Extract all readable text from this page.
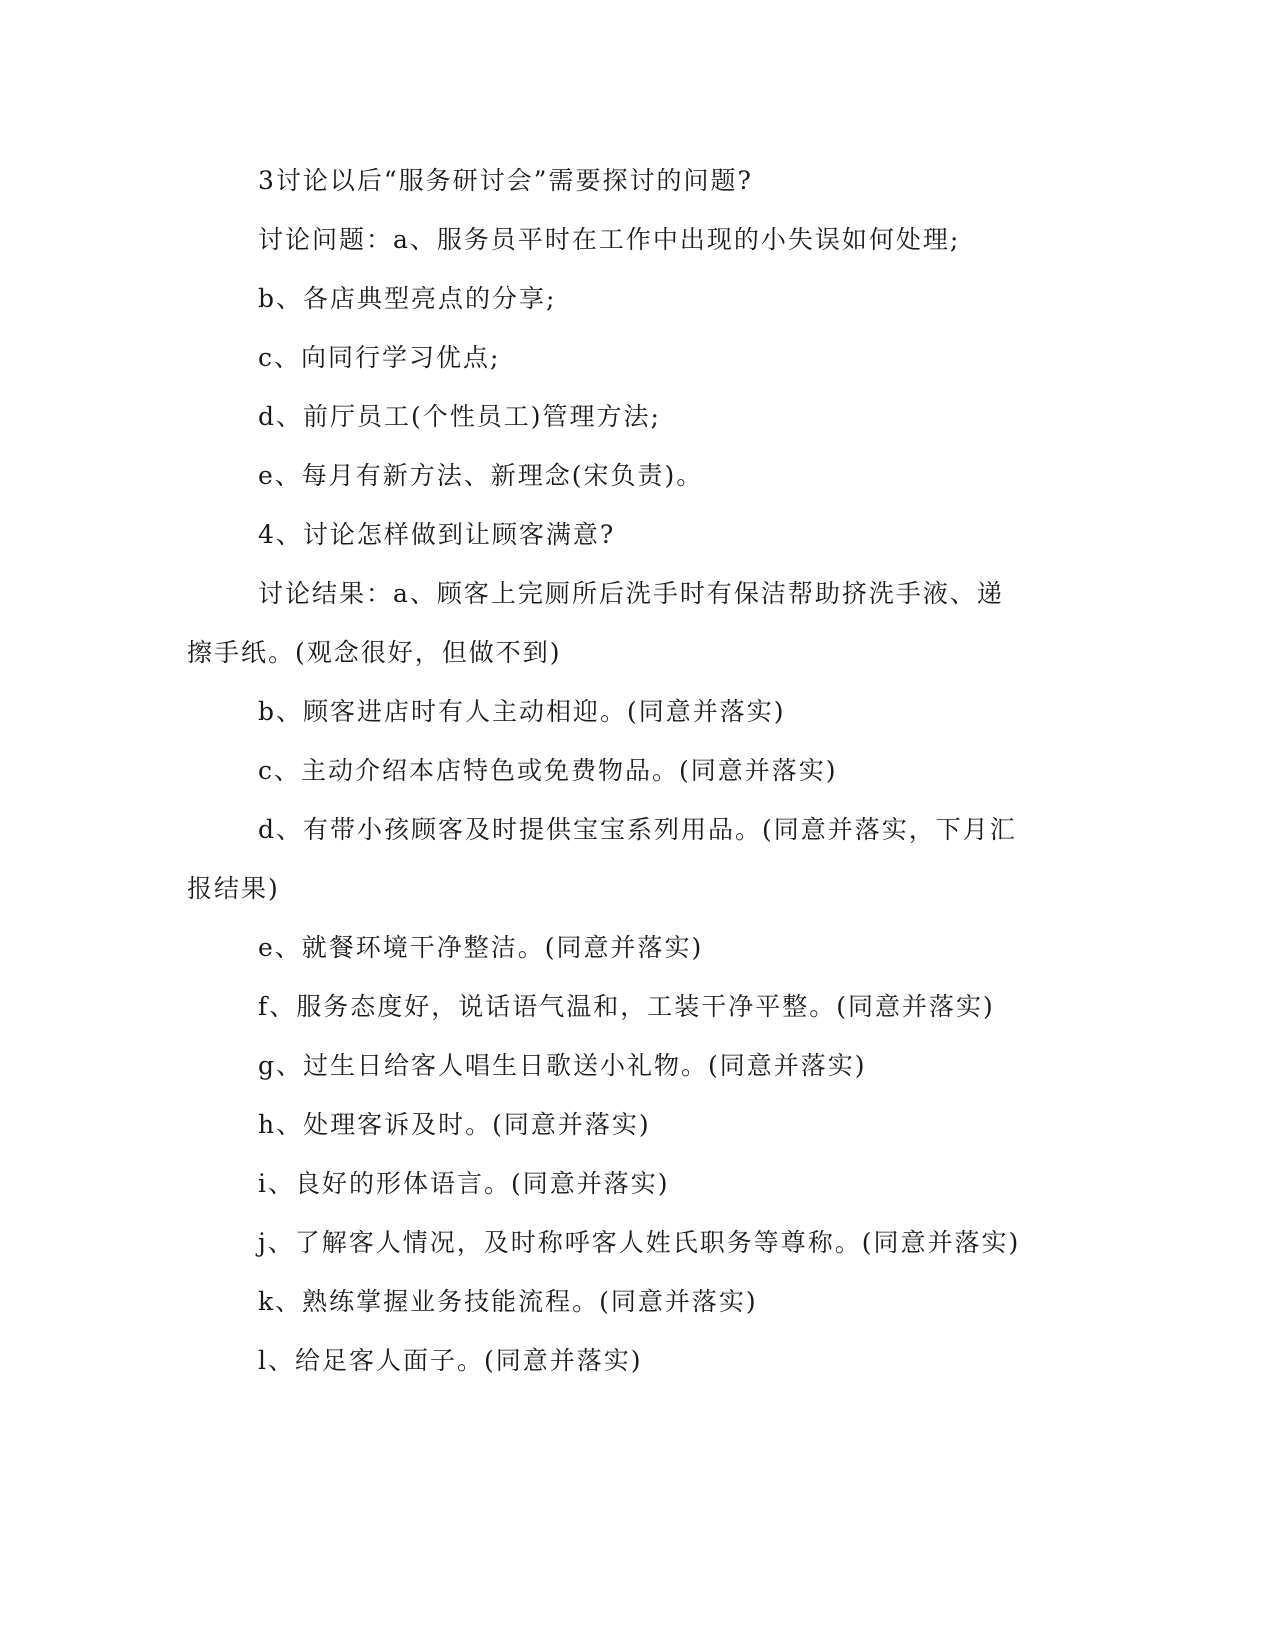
3讨论以后“服务研讨会”需要探讨的问题?
讨论问题：a、服务员平时在工作中出现的小失误如何处理;
b、各店典型亮点的分享;
c、向同行学习优点;
d、前厅员工(个性员工)管理方法;
e、每月有新方法、新理念(宋负责)。
4、讨论怎样做到让顾客满意?
讨论结果：a、顾客上完厕所后洗手时有保洁帮助挤洗手液、递
擦手纸。(观念很好，但做不到)
b、顾客进店时有人主动相迎。(同意并落实)
c、主动介绍本店特色或免费物品。(同意并落实)
d、有带小孩顾客及时提供宝宝系列用品。(同意并落实，下月汇
报结果)
e、就餐环境干净整洁。(同意并落实)
f、服务态度好，说话语气温和，工装干净平整。(同意并落实)
g、过生日给客人唱生日歌送小礼物。(同意并落实)
h、处理客诉及时。(同意并落实)
i、良好的形体语言。(同意并落实)
j、了解客人情况，及时称呼客人姓氏职务等尊称。(同意并落实)
k、熟练掌握业务技能流程。(同意并落实)
l、给足客人面子。(同意并落实)
